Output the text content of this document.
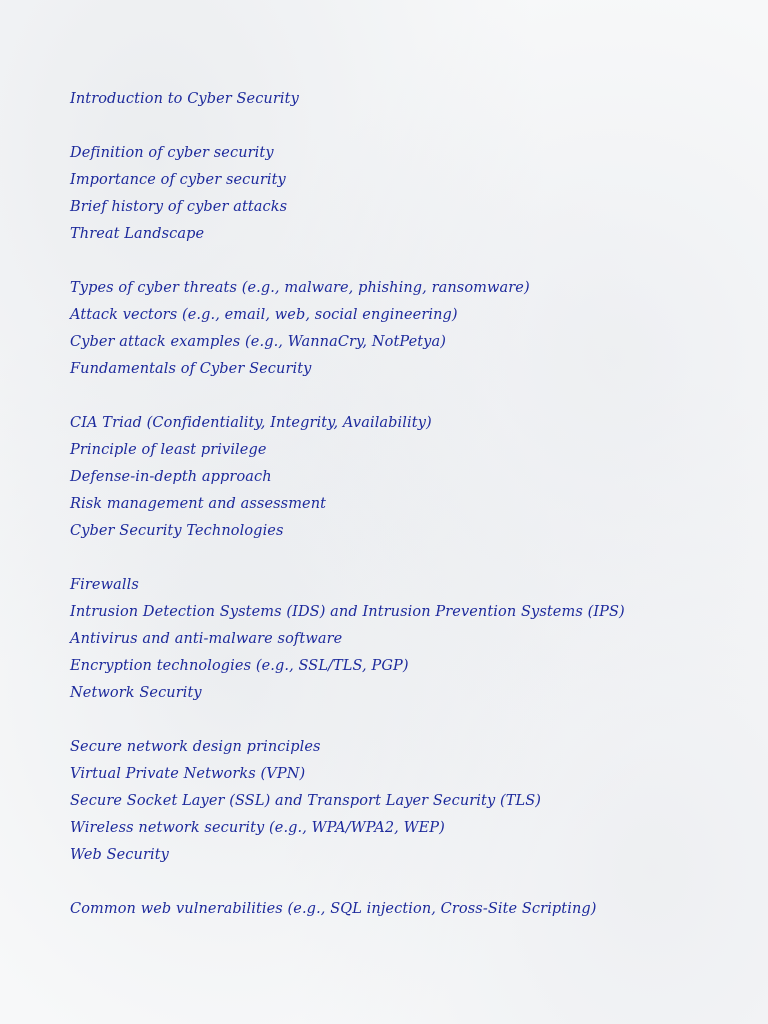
Introduction to Cyber Security
Definition of cyber security
Importance of cyber security
Brief history of cyber attacks
Threat Landscape
Types of cyber threats (e.g., malware, phishing, ransomware)
Attack vectors (e.g., email, web, social engineering)
Cyber attack examples (e.g., WannaCry, NotPetya)
Fundamentals of Cyber Security
CIA Triad (Confidentiality, Integrity, Availability)
Principle of least privilege
Defense-in-depth approach
Risk management and assessment
Cyber Security Technologies
Firewalls
Intrusion Detection Systems (IDS) and Intrusion Prevention Systems (IPS)
Antivirus and anti-malware software
Encryption technologies (e.g., SSL/TLS, PGP)
Network Security
Secure network design principles
Virtual Private Networks (VPN)
Secure Socket Layer (SSL) and Transport Layer Security (TLS)
Wireless network security (e.g., WPA/WPA2, WEP)
Web Security
Common web vulnerabilities (e.g., SQL injection, Cross-Site Scripting)
